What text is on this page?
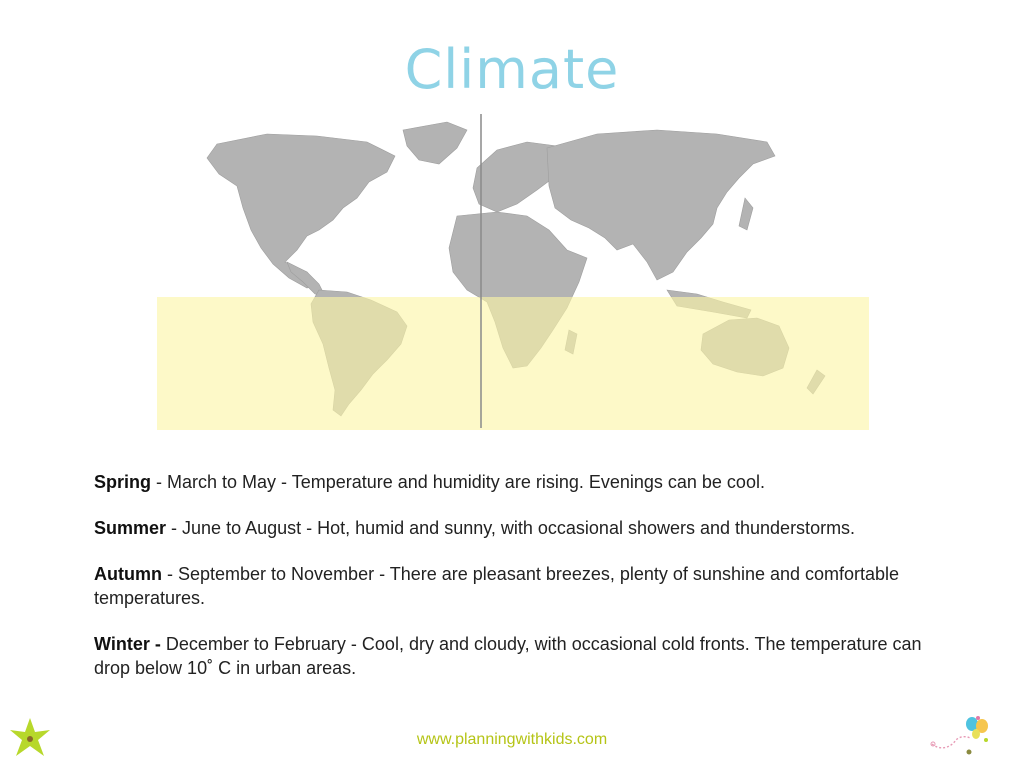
Climate

Spring - March to May - Temperature and humidity are rising. Evenings can be cool.

Summer - June to August - Hot, humid and sunny, with occasional showers and thunderstorms.

Autumn - September to November - There are pleasant breezes, plenty of sunshine and comfortable temperatures.

Winter - December to February - Cool, dry and cloudy, with occasional cold fronts. The temperature can drop below 10˚ C in urban areas.

www.planningwithkids.com
